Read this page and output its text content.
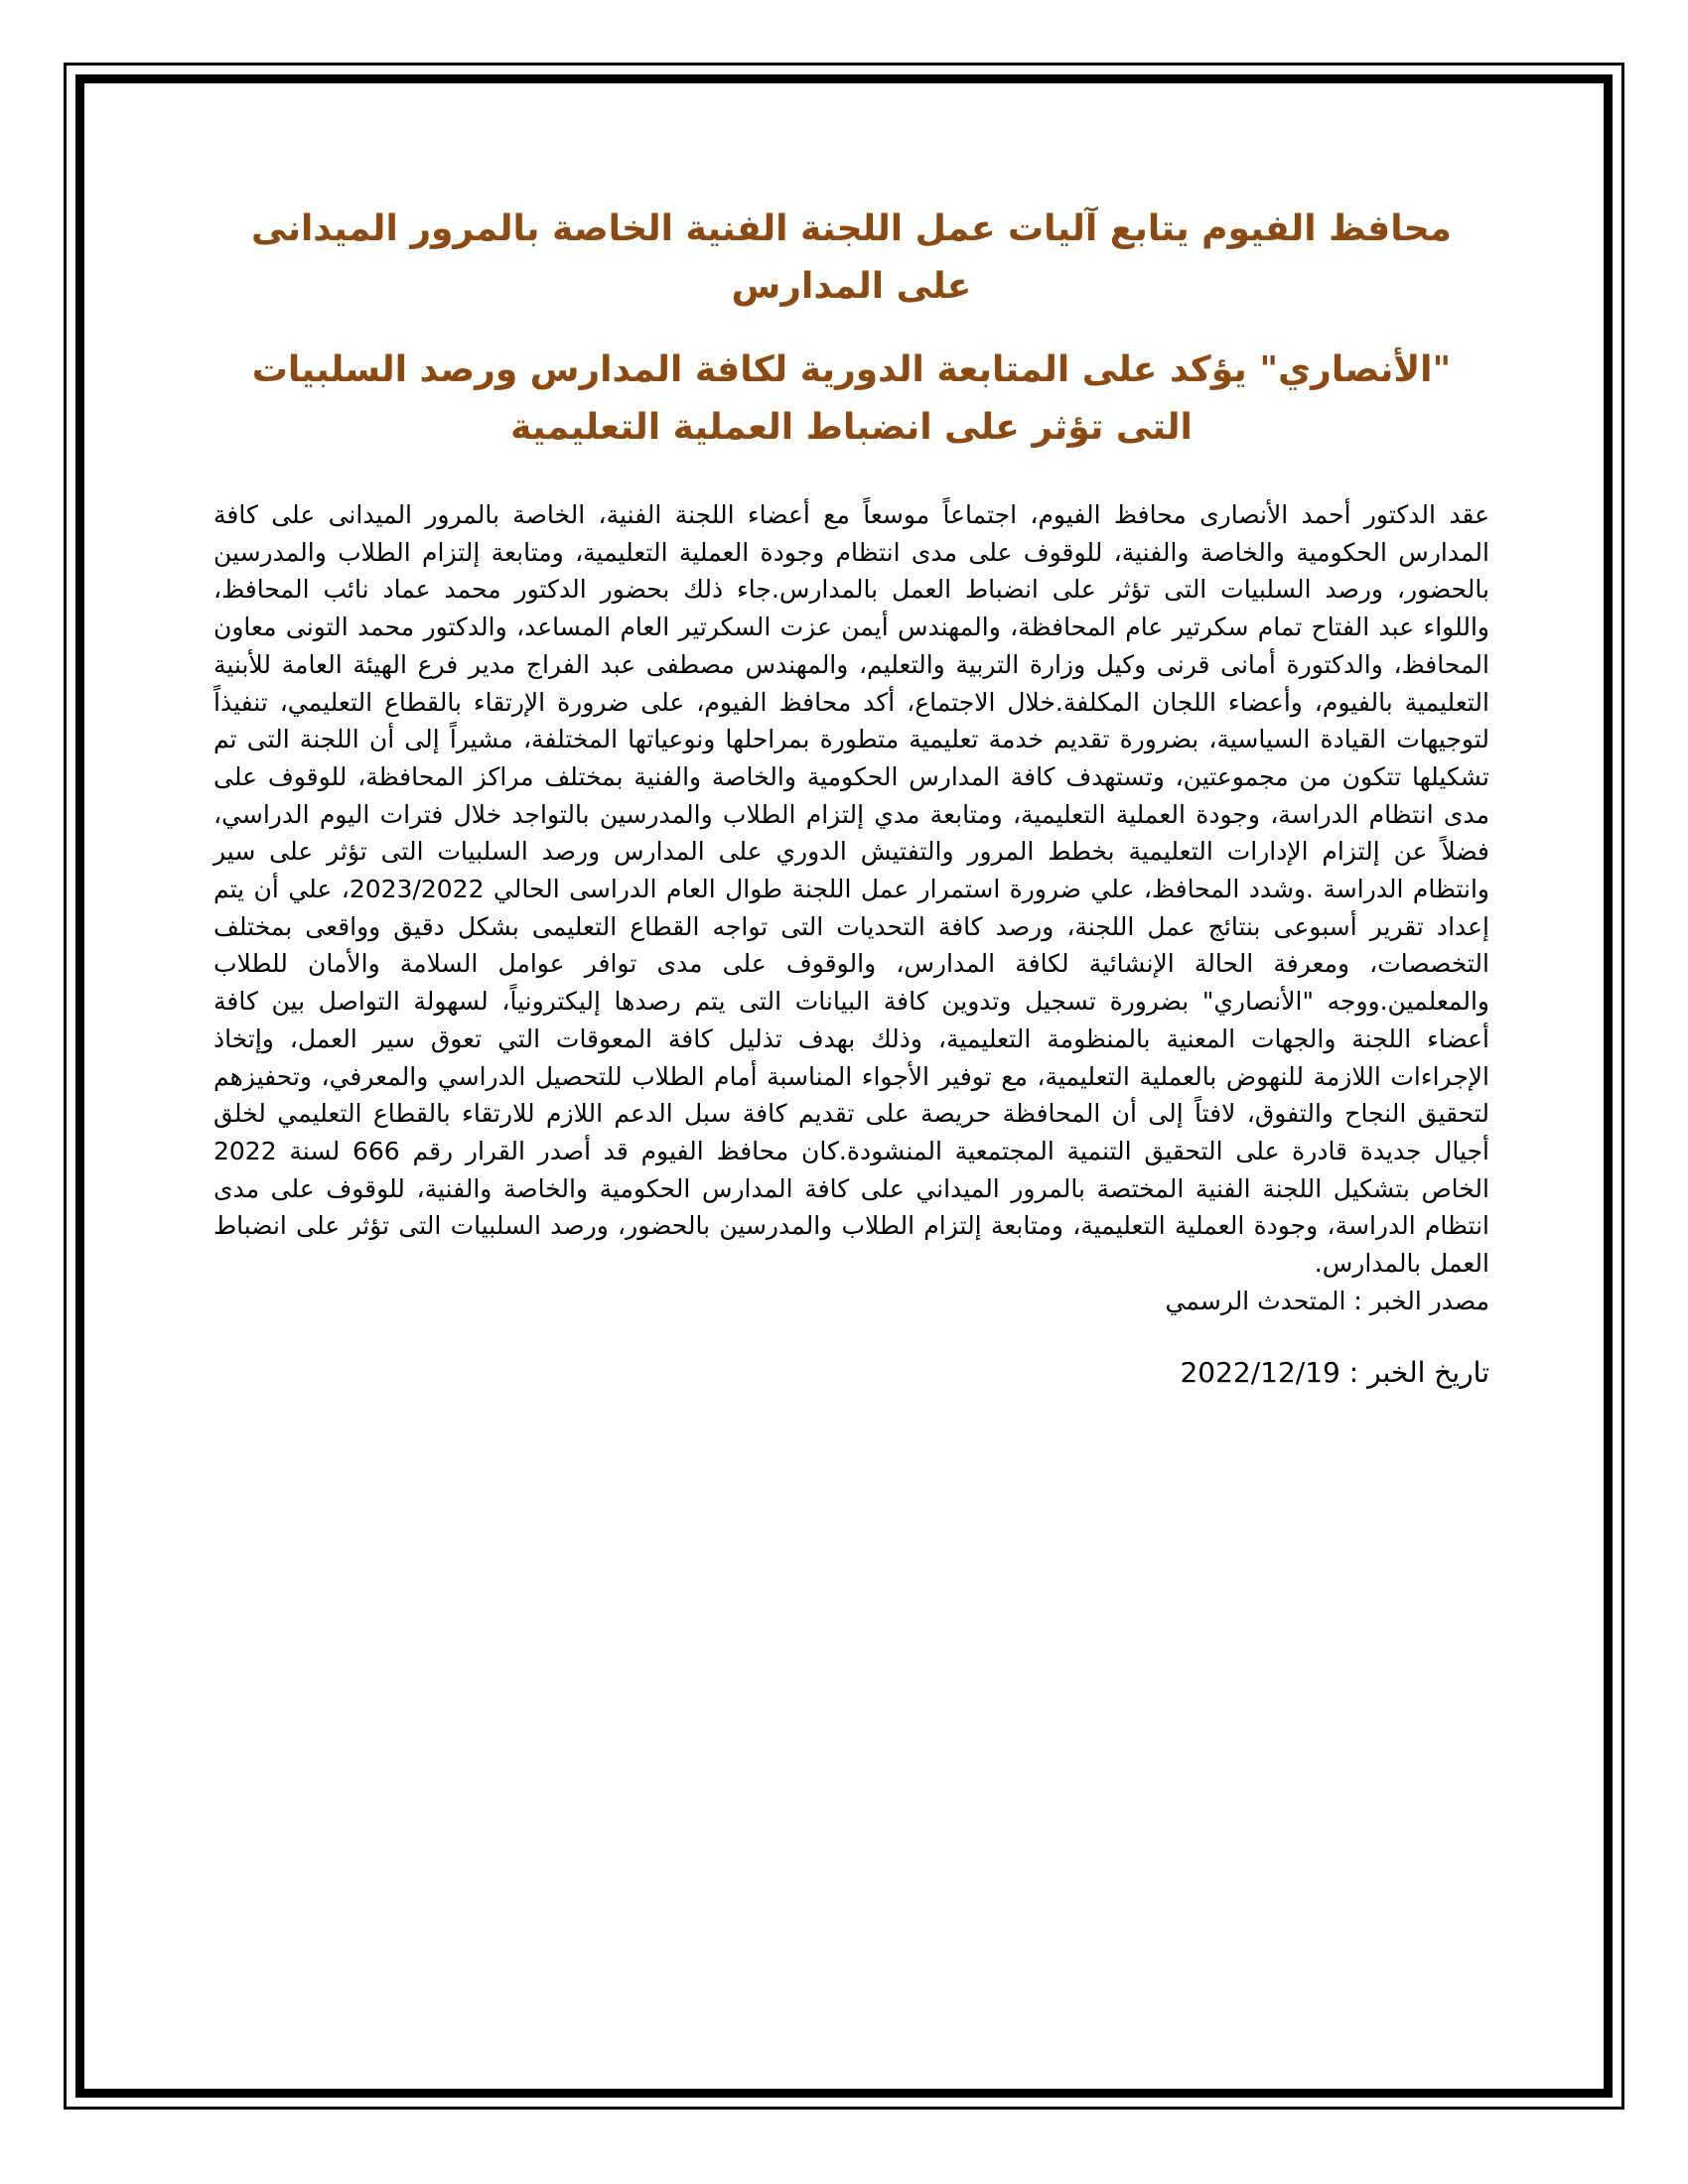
محافظ الفيوم يتابع آليات عمل اللجنة الفنية الخاصة بالمرور الميدانى على المدارس
"الأنصاري" يؤكد على المتابعة الدورية لكافة المدارس ورصد السلبيات التى تؤثر على انضباط العملية التعليمية

عقد الدكتور أحمد الأنصارى محافظ الفيوم، اجتماعاً موسعاً مع أعضاء اللجنة الفنية، الخاصة بالمرور الميدانى على كافة المدارس الحكومية والخاصة والفنية، للوقوف على مدى انتظام وجودة العملية التعليمية، ومتابعة إلتزام الطلاب والمدرسين بالحضور، ورصد السلبيات التى تؤثر على انضباط العمل بالمدارس.جاء ذلك بحضور الدكتور محمد عماد نائب المحافظ، واللواء عبد الفتاح تمام سكرتير عام المحافظة، والمهندس أيمن عزت السكرتير العام المساعد، والدكتور محمد التونى معاون المحافظ، والدكتورة أمانى قرنى وكيل وزارة التربية والتعليم، والمهندس مصطفى عبد الفراج مدير فرع الهيئة العامة للأبنية التعليمية بالفيوم، وأعضاء اللجان المكلفة.خلال الاجتماع، أكد محافظ الفيوم، على ضرورة الإرتقاء بالقطاع التعليمي، تنفيذاً لتوجيهات القيادة السياسية، بضرورة تقديم خدمة تعليمية متطورة بمراحلها ونوعياتها المختلفة، مشيراً إلى أن اللجنة التى تم تشكيلها تتكون من مجموعتين، وتستهدف كافة المدارس الحكومية والخاصة والفنية بمختلف مراكز المحافظة، للوقوف على مدى انتظام الدراسة، وجودة العملية التعليمية، ومتابعة مدي إلتزام الطلاب والمدرسين بالتواجد خلال فترات اليوم الدراسي، فضلاً عن إلتزام الإدارات التعليمية بخطط المرور والتفتيش الدوري على المدارس ورصد السلبيات التى تؤثر على سير وانتظام الدراسة .وشدد المحافظ، علي ضرورة استمرار عمل اللجنة طوال العام الدراسى الحالي 2023/2022، علي أن يتم إعداد تقرير أسبوعى بنتائج عمل اللجنة، ورصد كافة التحديات التى تواجه القطاع التعليمى بشكل دقيق وواقعى بمختلف التخصصات، ومعرفة الحالة الإنشائية لكافة المدارس، والوقوف على مدى توافر عوامل السلامة والأمان للطلاب والمعلمين.ووجه "الأنصاري" بضرورة تسجيل وتدوين كافة البيانات التى يتم رصدها إليكترونياً، لسهولة التواصل بين كافة أعضاء اللجنة والجهات المعنية بالمنظومة التعليمية، وذلك بهدف تذليل كافة المعوقات التي تعوق سير العمل، وإتخاذ الإجراءات اللازمة للنهوض بالعملية التعليمية، مع توفير الأجواء المناسبة أمام الطلاب للتحصيل الدراسي والمعرفي، وتحفيزهم لتحقيق النجاح والتفوق، لافتاً إلى أن المحافظة حريصة على تقديم كافة سبل الدعم اللازم للارتقاء بالقطاع التعليمي لخلق أجيال جديدة قادرة على التحقيق التنمية المجتمعية المنشودة.كان محافظ الفيوم قد أصدر القرار رقم 666 لسنة 2022 الخاص بتشكيل اللجنة الفنية المختصة بالمرور الميداني على كافة المدارس الحكومية والخاصة والفنية، للوقوف على مدى انتظام الدراسة، وجودة العملية التعليمية، ومتابعة إلتزام الطلاب والمدرسين بالحضور، ورصد السلبيات التى تؤثر على انضباط العمل بالمدارس.

مصدر الخبر : المتحدث الرسمي

تاريخ الخبر : 2022/12/19
